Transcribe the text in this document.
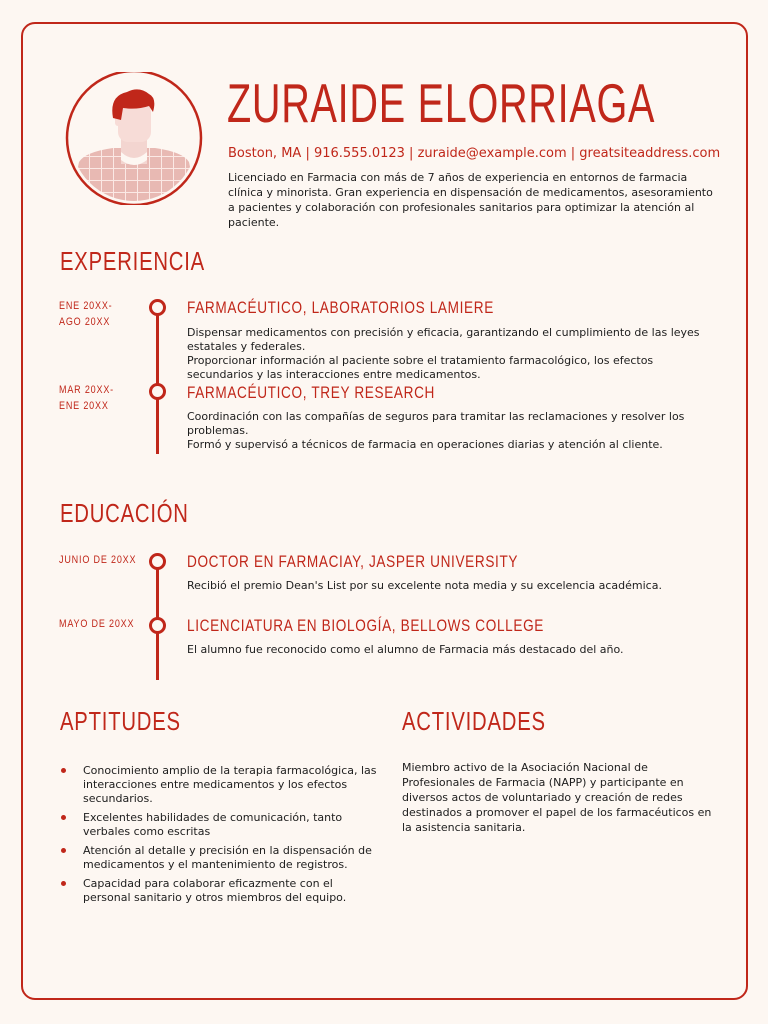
ZURAIDE ELORRIAGA
Boston, MA | 916.555.0123 | zuraide@example.com | greatsiteaddress.com
Licenciado en Farmacia con más de 7 años de experiencia en entornos de farmacia clínica y minorista. Gran experiencia en dispensación de medicamentos, asesoramiento a pacientes y colaboración con profesionales sanitarios para optimizar la atención al paciente.
EXPERIENCIA
ENE 20XX-
AGO 20XX
FARMACÉUTICO, LABORATORIOS LAMIERE
Dispensar medicamentos con precisión y eficacia, garantizando el cumplimiento de las leyes estatales y federales.
Proporcionar información al paciente sobre el tratamiento farmacológico, los efectos secundarios y las interacciones entre medicamentos.
MAR 20XX-
ENE 20XX
FARMACÉUTICO, TREY RESEARCH
Coordinación con las compañías de seguros para tramitar las reclamaciones y resolver los problemas.
Formó y supervisó a técnicos de farmacia en operaciones diarias y atención al cliente.
EDUCACIÓN
JUNIO DE 20XX	DOCTOR EN FARMACIAY, JASPER UNIVERSITY
Recibió el premio Dean's List por su excelente nota media y su excelencia académica.
MAYO DE 20XX	LICENCIATURA EN BIOLOGÍA, BELLOWS COLLEGE
El alumno fue reconocido como el alumno de Farmacia más destacado del año.
APTITUDES
Conocimiento amplio de la terapia farmacológica, las interacciones entre medicamentos y los efectos secundarios.
Excelentes habilidades de comunicación, tanto verbales como escritas
Atención al detalle y precisión en la dispensación de medicamentos y el mantenimiento de registros.
Capacidad para colaborar eficazmente con el personal sanitario y otros miembros del equipo.
ACTIVIDADES
Miembro activo de la Asociación Nacional de Profesionales de Farmacia (NAPP) y participante en diversos actos de voluntariado y creación de redes destinados a promover el papel de los farmacéuticos en la asistencia sanitaria.
